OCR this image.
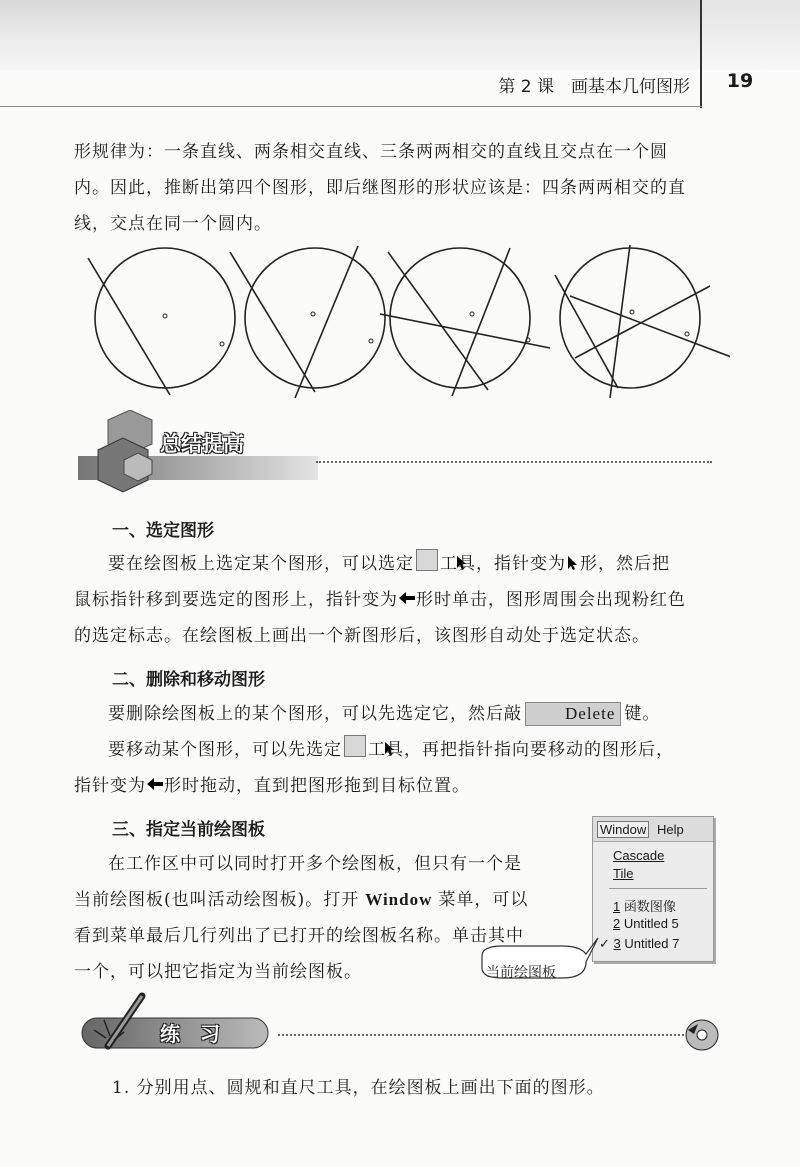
第 2 课　画基本几何图形	19
形规律为：一条直线、两条相交直线、三条两两相交的直线且交点在一个圆
内。因此，推断出第四个图形，即后继图形的形状应该是：四条两两相交的直
线，交点在同一个圆内。
总结提高
一、选定图形
要在绘图板上选定某个图形，可以选定 工具，指针变为 形，然后把
鼠标指针移到要选定的图形上，指针变为 形时单击，图形周围会出现粉红色
的选定标志。在绘图板上画出一个新图形后，该图形自动处于选定状态。
二、删除和移动图形
要删除绘图板上的某个图形，可以先选定它，然后敲	Delete 键。
要移动某个图形，可以先选定 工具，再把指针指向要移动的图形后，
指针变为 形时拖动，直到把图形拖到目标位置。
三、指定当前绘图板
在工作区中可以同时打开多个绘图板，但只有一个是
当前绘图板(也叫活动绘图板)。打开 Window 菜单，可以
看到菜单最后几行列出了已打开的绘图板名称。单击其中
一个，可以把它指定为当前绘图板。
Window Help
Cascade
Tile
1 函数图像
2 Untitled 5
✓ 3 Untitled 7
当前绘图板
练　习
1. 分别用点、圆规和直尺工具，在绘图板上画出下面的图形。
